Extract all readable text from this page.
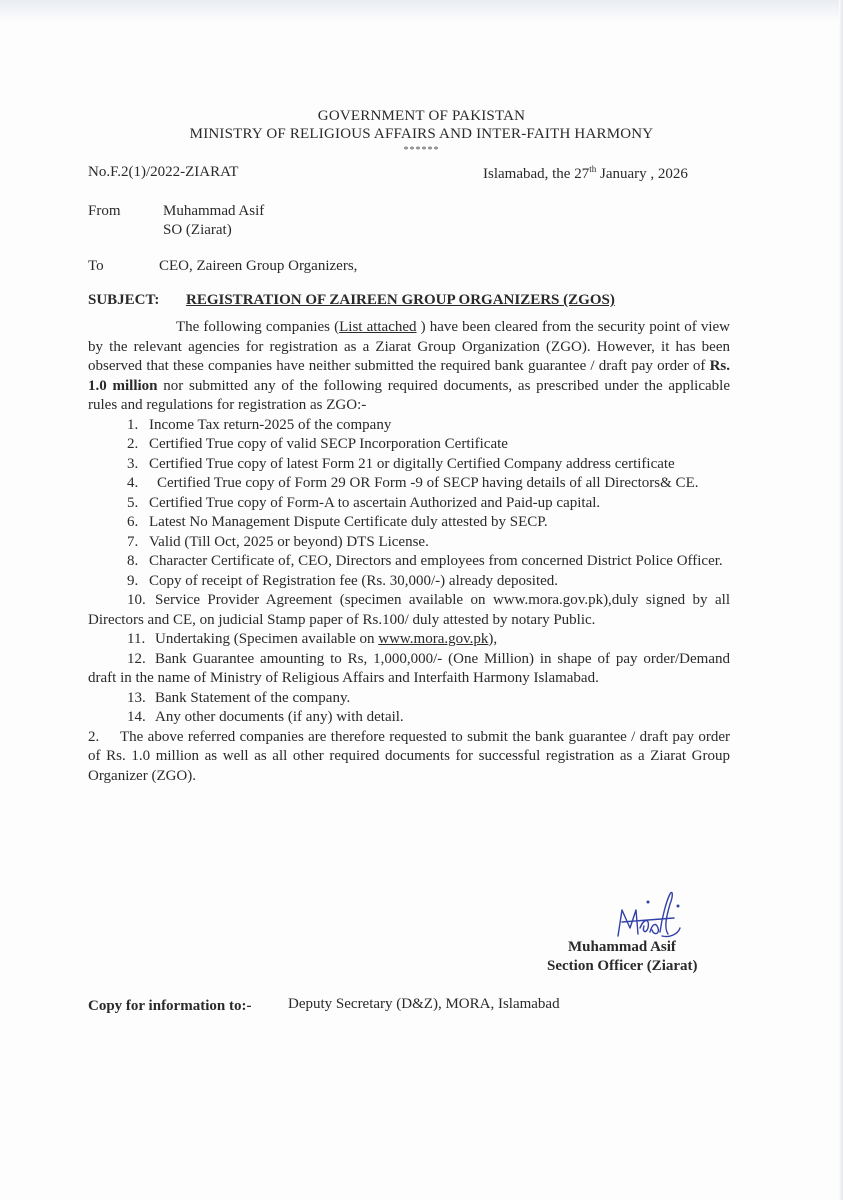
GOVERNMENT OF PAKISTAN
MINISTRY OF RELIGIOUS AFFAIRS AND INTER-FAITH HARMONY
******
No.F.2(1)/2022-ZIARAT	Islamabad, the 27th January , 2026
From	Muhammad Asif
SO (Ziarat)
To	CEO, Zaireen Group Organizers,
SUBJECT: REGISTRATION OF ZAIREEN GROUP ORGANIZERS (ZGOS)

The following companies (List attached ) have been cleared from the security point of view by the relevant agencies for registration as a Ziarat Group Organization (ZGO). However, it has been observed that these companies have neither submitted the required bank guarantee / draft pay order of Rs. 1.0 million nor submitted any of the following required documents, as prescribed under the applicable rules and regulations for registration as ZGO:-

1. Income Tax return-2025 of the company

2. Certified True copy of valid SECP Incorporation Certificate

3. Certified True copy of latest Form 21 or digitally Certified Company address certificate

4. Certified True copy of Form 29 OR Form -9 of SECP having details of all Directors& CE.

5. Certified True copy of Form-A to ascertain Authorized and Paid-up capital.

6. Latest No Management Dispute Certificate duly attested by SECP.

7. Valid (Till Oct, 2025 or beyond) DTS License.

8. Character Certificate of, CEO, Directors and employees from concerned District Police Officer.

9. Copy of receipt of Registration fee (Rs. 30,000/-) already deposited.

10. Service Provider Agreement (specimen available on www.mora.gov.pk),duly signed by all Directors and CE, on judicial Stamp paper of Rs.100/ duly attested by notary Public.

11. Undertaking (Specimen available on www.mora.gov.pk),

12. Bank Guarantee amounting to Rs, 1,000,000/- (One Million) in shape of pay order/Demand draft in the name of Ministry of Religious Affairs and Interfaith Harmony Islamabad.

13. Bank Statement of the company.

14. Any other documents (if any) with detail.

2. The above referred companies are therefore requested to submit the bank guarantee / draft pay order of Rs. 1.0 million as well as all other required documents for successful registration as a Ziarat Group Organizer (ZGO).

Muhammad Asif
Section Officer (Ziarat)
Copy for information to:- Deputy Secretary (D&Z), MORA, Islamabad
